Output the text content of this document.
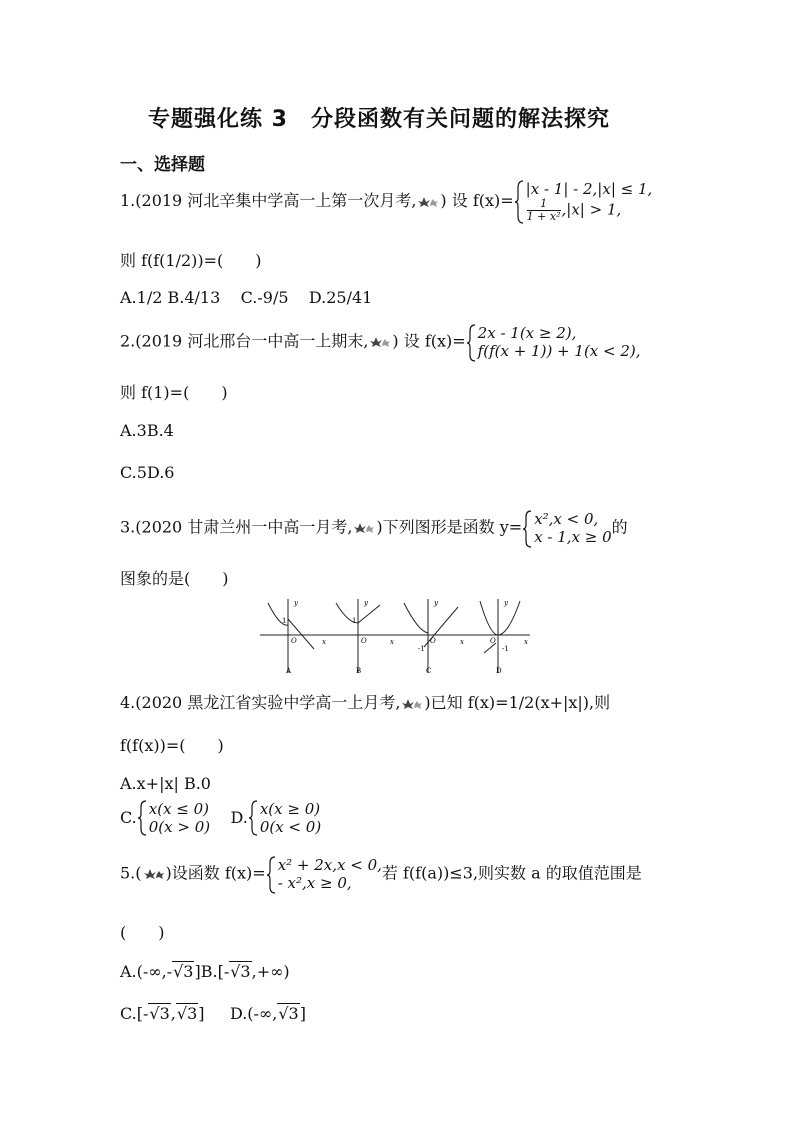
专题强化练 3　分段函数有关问题的解法探究
一、选择题
1.(2019 河北辛集中学高一上第一次月考, ) 设 f(x)=
|x - 1| - 2,|x| ≤ 1,
$\frac{1}{\text{1 + x²}} ,|x| > 1$,
则 f(f(1/2))=(　　)
A.1/2 B.4/13 C.-9/5 D.25/41
2.(2019 河北邢台一中高一上期末, ) 设 f(x)= 2x - 1(x ≥ 2),
f(f(x + 1)) + 1(x < 2),
则 f(1)=(　　)
A.3B.4
C.5D.6
3.(2020 甘肃兰州一中高一月考, )下列图形是函数 y= x²,x < 0,
x - 1,x ≥ 0
的
图象的是(　　)
y
x
O
1
A
y
x
O
1
B
y
x
O
-1
C
y
x
O
-1
D
4.(2020 黑龙江省实验中学高一上月考, )已知 f(x)=1/2(x+|x|),则
f(f(x))=(　　)
A.x+|x| B.0
C. x(x ≤ 0)
0(x > 0)
D. x(x ≥ 0)
0(x < 0)
5.( )设函数 f(x)= x² + 2x,x < 0,
- x²,x ≥ 0,
若 f(f(a))≤3,则实数 a 的取值范围是
(　　)
A.(-∞,-√3]B.[-√3,+∞)
C.[-√3,√3] D.(-∞,√3]
